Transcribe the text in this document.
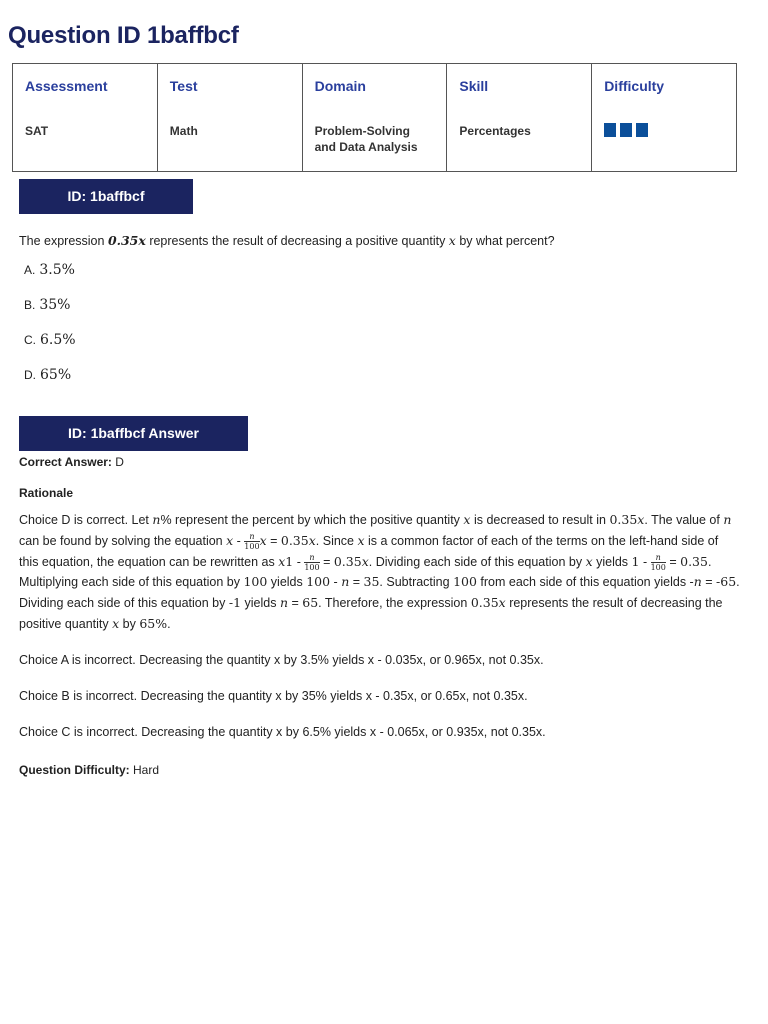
Question ID 1baffbcf
Assessment	Test	Domain	Skill	Difficulty
SAT	Math	Problem-Solving and Data Analysis	Percentages	
ID: 1baffbcf
The expression 0.35x represents the result of decreasing a positive quantity x by what percent?
A. 3.5%
B. 35%
C. 6.5%
D. 65%
ID: 1baffbcf Answer
Correct Answer: D
Rationale

Choice D is correct. Let n% represent the percent by which the positive quantity x is decreased to result in 0.35x. The value of n can be found by solving the equation x - $\frac{n}{100}$ x = 0.35x. Since x is a common factor of each of the terms on the left-hand side of this equation, the equation can be rewritten as $x1 - \frac{n}{100} = 0.35x$. Dividing each side of this equation by x yields $1 - \frac{n}{100} = 0.35$. Multiplying each side of this equation by 100 yields 100 - n = 35. Subtracting 100 from each side of this equation yields -n = -65. Dividing each side of this equation by -1 yields n = 65. Therefore, the expression 0.35x represents the result of decreasing the positive quantity x by 65%.

Choice A is incorrect. Decreasing the quantity x by 3.5% yields x - 0.035x, or 0.965x, not 0.35x.

Choice B is incorrect. Decreasing the quantity x by 35% yields x - 0.35x, or 0.65x, not 0.35x.

Choice C is incorrect. Decreasing the quantity x by 6.5% yields x - 0.065x, or 0.935x, not 0.35x.

Question Difficulty: Hard
